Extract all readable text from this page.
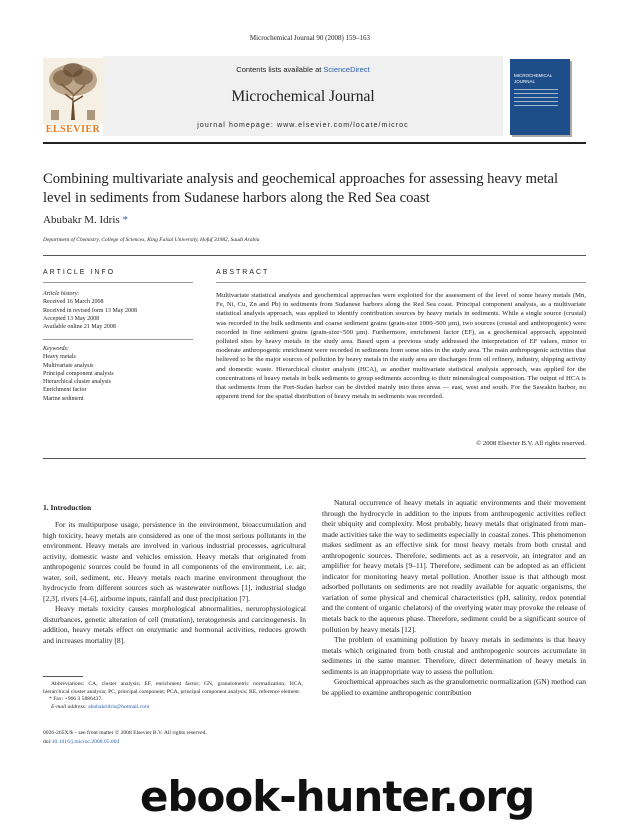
Microchemical Journal 90 (2008) 159–163
ELSEVIER
Contents lists available at ScienceDirect
Microchemical Journal
journal homepage: www.elsevier.com/locate/microc
MICROCHEMICAL JOURNAL
Combining multivariate analysis and geochemical approaches for assessing heavy metal level in sediments from Sudanese harbors along the Red Sea coast
Abubakr M. Idris *
Department of Chemistry, College of Sciences, King Faisal University, Hofuf 31982, Saudi Arabia
ARTICLE INFO
Article history:
Received 16 March 2008
Received in revised form 13 May 2008
Accepted 13 May 2008
Available online 21 May 2008
Keywords:
Heavy metals
Multivariate analysis
Principal component analysis
Hierarchical cluster analysis
Enrichment factor
Marine sediment
ABSTRACT
Multivariate statistical analysis and geochemical approaches were exploited for the assessment of the level of some heavy metals (Mn, Fe, Ni, Cu, Zn and Pb) in sediments from Sudanese harbors along the Red Sea coast. Principal component analysis, as a multivariate statistical analysis approach, was applied to identify contribution sources by heavy metals in sediments. While a single source (crustal) was recorded in the bulk sediments and coarse sediment grains (grain-size 1000–500 µm), two sources (crustal and anthropogenic) were recorded in fine sediment grains (grain-size<500 µm). Furthermore, enrichment factor (EF), as a geochemical approach, appointed polluted sites by heavy metals in the study area. Based upon a previous study addressed the interpretation of EF values, minor to moderate anthropogenic enrichment were recorded in sediments from some sites in the study area. The main anthropogenic activities that believed to be the major sources of pollution by heavy metals in the study area are discharges from oil refinery, industry, shipping activity and domestic waste. Hierarchical cluster analysis (HCA), as another multivariate statistical analysis approach, was applied for the concentrations of heavy metals in bulk sediments to group sediments according to their mineralogical composition. The output of HCA is that sediments from the Port-Sudan harbor can be divided mainly into three areas — east, west and south. For the Sawakin harbor, no apparent trend for the spatial distribution of heavy metals in sediments was recorded.
© 2008 Elsevier B.V. All rights reserved.
1. Introduction

For its multipurpose usage, persistence in the environment, bioaccumulation and high toxicity, heavy metals are considered as one of the most serious pollutants in the environment. Heavy metals are involved in various industrial processes, agricultural activity, domestic waste and vehicles emission. Heavy metals that originated from anthropogenic sources could be found in all components of the environment, i.e. air, water, soil, sediment, etc. Heavy metals reach marine environment throughout the hydrocycle from different sources such as wastewater outflows [1], industrial sludge [2,3], rivers [4–6], airborne inputs, rainfall and dust precipitation [7].

Heavy metals toxicity causes morphological abnormalities, nerurophysiological disturbances, genetic alteration of cell (mutation), teratogenesis and carcinogenesis. In addition, heavy metals effect on enzymatic and hormonal activities, reduces growth and increases mortality [8].

Natural occurrence of heavy metals in aquatic environments and their movement through the hydrocycle in addition to the inputs from anthropogenic activities reflect their ubiquity and complexity. Most probably, heavy metals that originated from man-made activities take the way to sediments especially in coastal zones. This phenomenon makes sediment as an effective sink for most heavy metals from both crustal and anthropogenic sources. Therefore, sediments act as a reservoir, an integrator and an amplifier for heavy metals [9–11]. Therefore, sediment can be adopted as an efficient indicator for monitoring heavy metal pollution. Another issue is that although most adsorbed pollutants on sediments are not readily available for aquatic organisms, the variation of some physical and chemical characteristics (pH, salinity, redox potential and the content of organic chelators) of the overlying water may provoke the release of metals back to the aqueous phase. Therefore, sediment could be a significant source of pollution by heavy metals [12].

The problem of examining pollution by heavy metals in sediments is that heavy metals which originated from both crustal and anthropogenic sources accumulate in sediments in the same manner. Therefore, direct determination of heavy metals in sediments is an inappropriate way to assess the pollution.

Geochemical approaches such as the granulometric normalization (GN) method can be applied to examine anthropogenic contribution

Abbreviations: CA, cluster analysis; EF, enrichment factor; GN, granulometric normalization; HCA, hierarchical cluster analysis; PC, principal component; PCA, principal component analysis; RE, reference element.
* Fax: +966 3 5886437.
E-mail address: abubakridris@hotmail.com
0026-265X/$ – see front matter © 2008 Elsevier B.V. All rights reserved.
doi:10.1016/j.microc.2008.05.004
ebook-hunter.org
